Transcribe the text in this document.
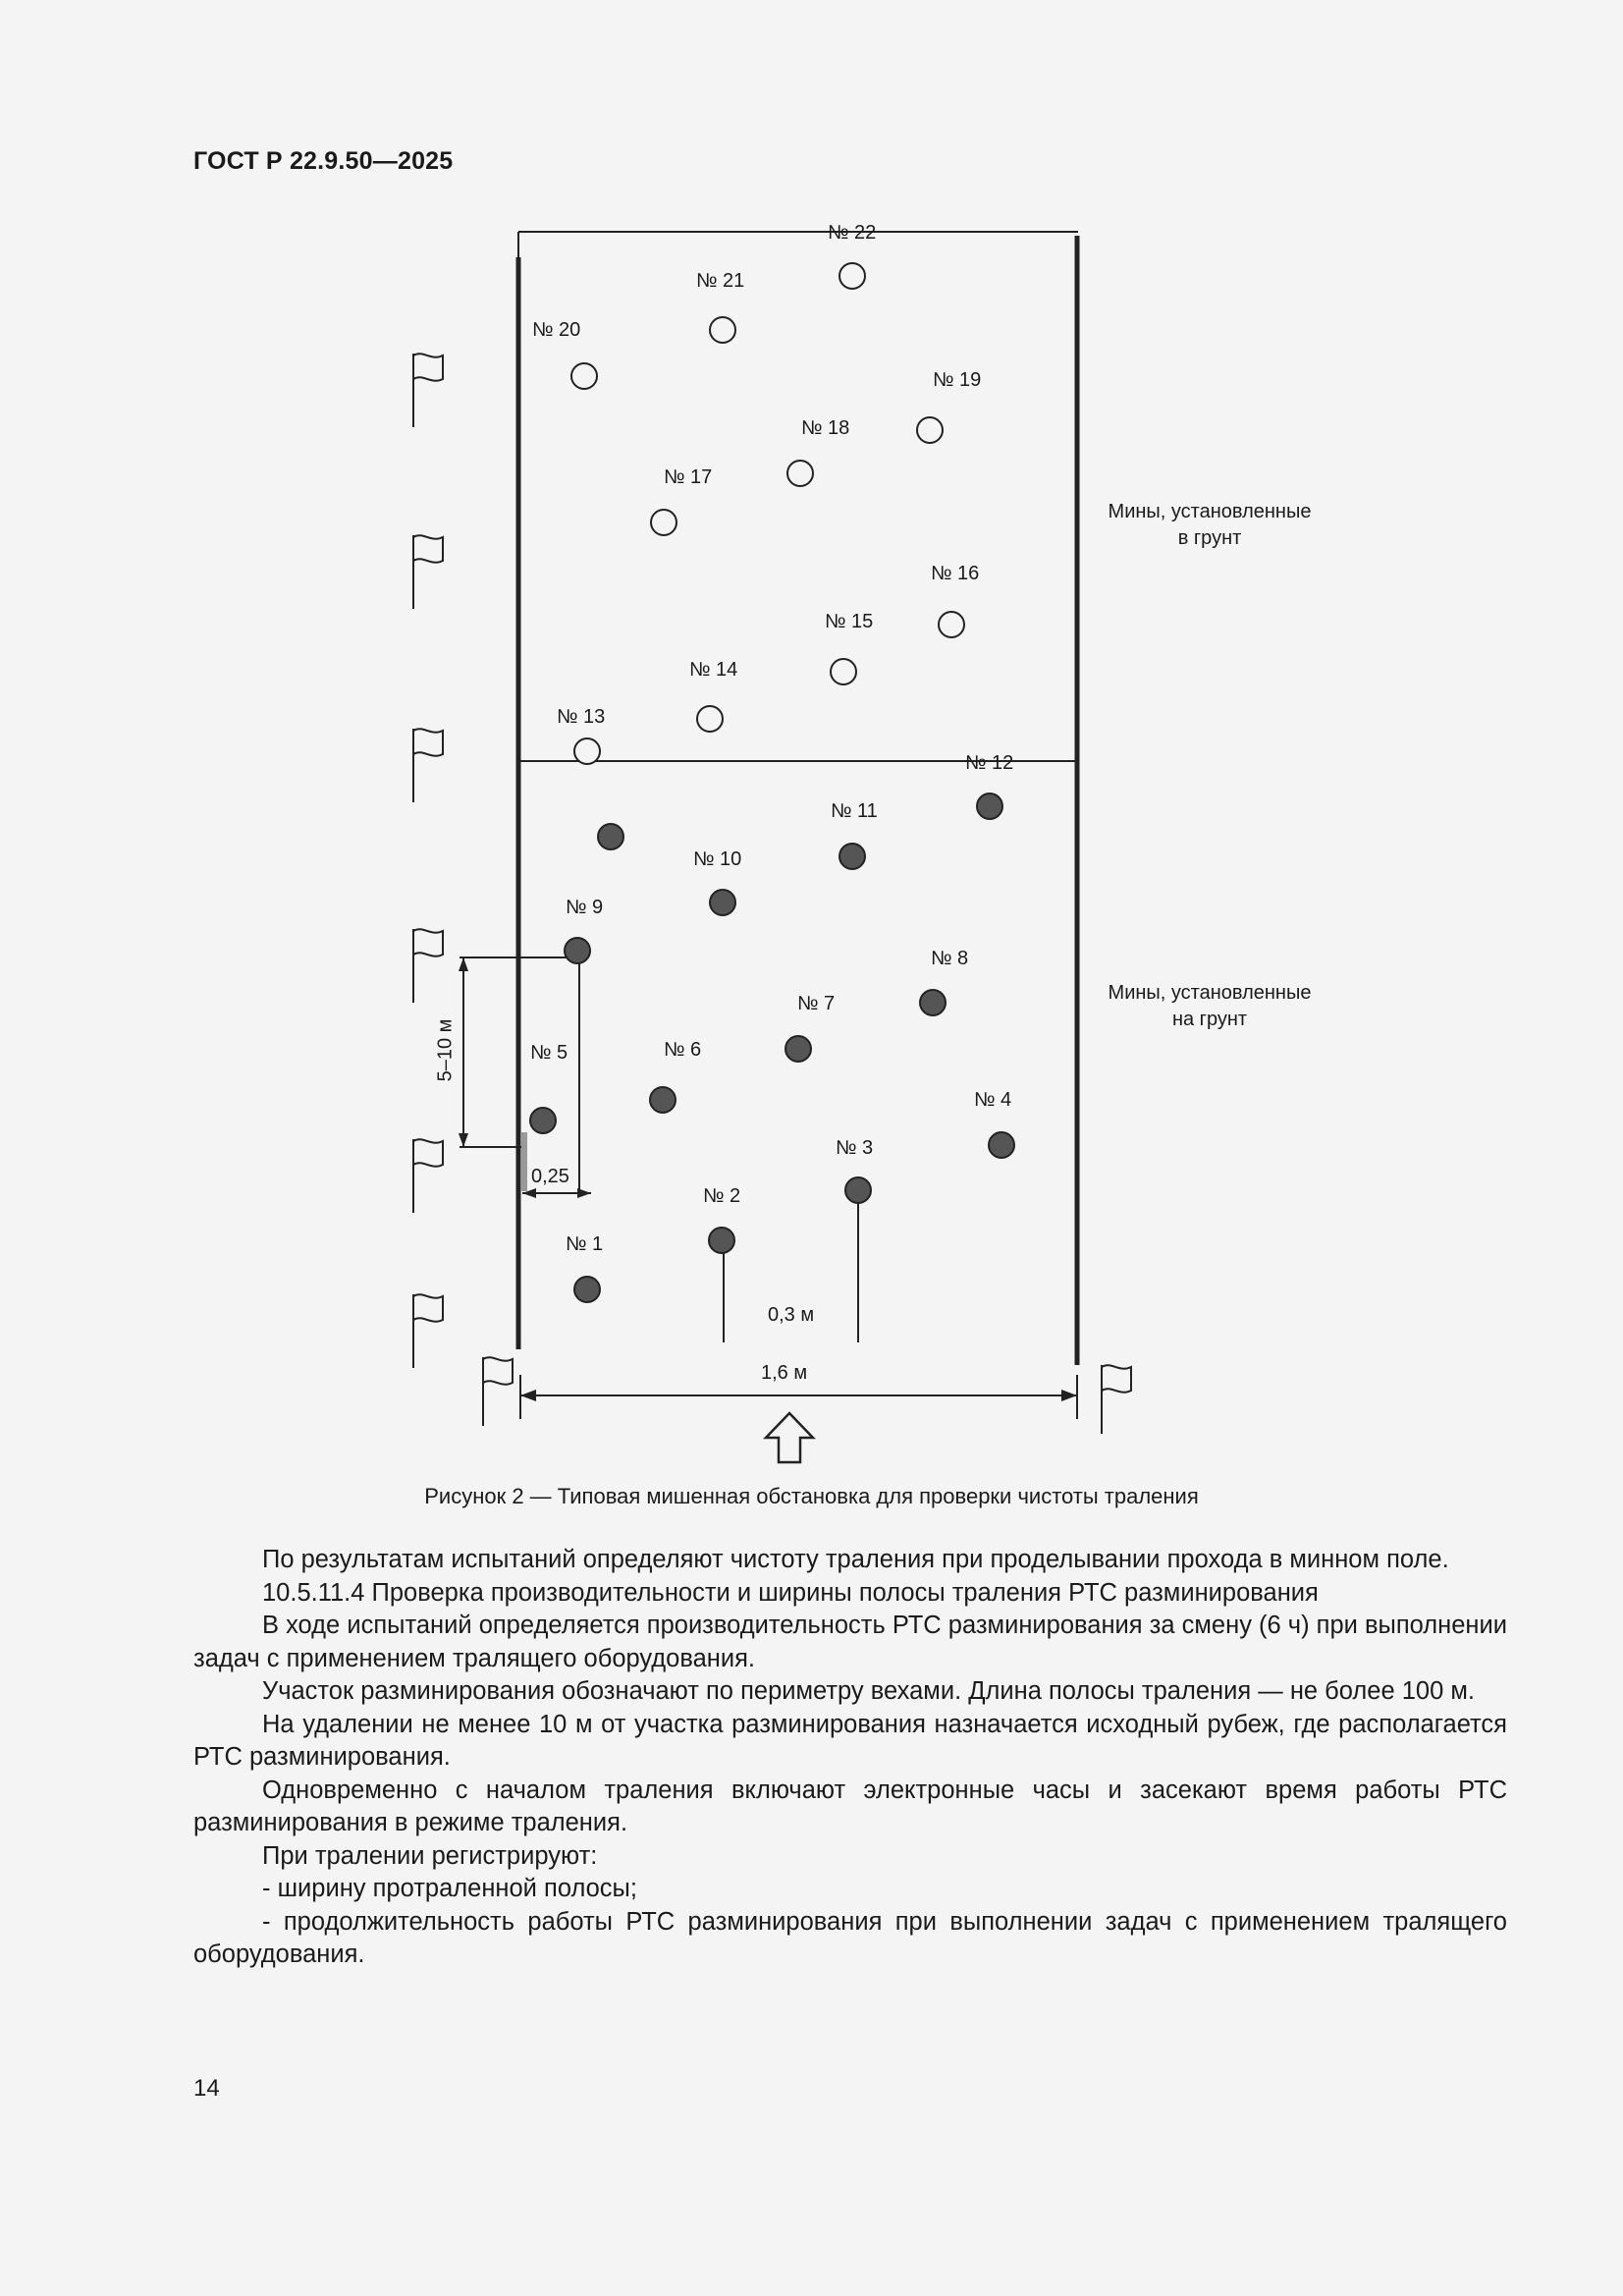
ГОСТ Р 22.9.50—2025
№ 1
№ 2
№ 3
№ 4
№ 5	№ 6
№ 7
№ 8
№ 9
№ 10
№ 11
№ 12
№ 13
№ 14
№ 15
№ 16
№ 17
№ 18
№ 19
№ 20
№ 21
№ 22
Мины, установленные в грунт
Мины, установленные на грунт
5–10 м
0,25
0,3 м
1,6 м
Рисунок 2 — Типовая мишенная обстановка для проверки чистоты траления

По результатам испытаний определяют чистоту траления при проделывании прохода в минном поле.

10.5.11.4 Проверка производительности и ширины полосы траления РТС разминирования

В ходе испытаний определяется производительность РТС разминирования за смену (6 ч) при выполнении задач с применением тралящего оборудования.

Участок разминирования обозначают по периметру вехами. Длина полосы траления — не более 100 м.

На удалении не менее 10 м от участка разминирования назначается исходный рубеж, где располагается РТС разминирования.

Одновременно с началом траления включают электронные часы и засекают время работы РТС разминирования в режиме траления.

При тралении регистрируют:

- ширину протраленной полосы;

- продолжительность работы РТС разминирования при выполнении задач с применением тралящего оборудования.

14
